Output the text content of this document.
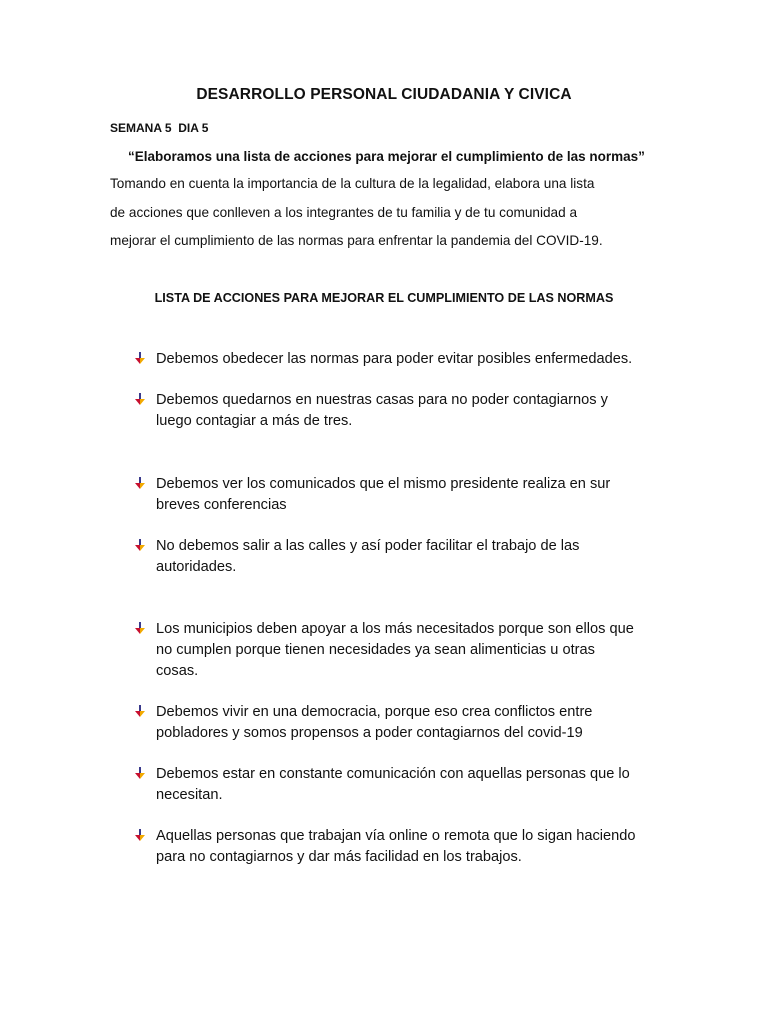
DESARROLLO PERSONAL CIUDADANIA Y CIVICA
SEMANA 5  DIA 5
“Elaboramos una lista de acciones para mejorar el cumplimiento de las normas”
Tomando en cuenta la importancia de la cultura de la legalidad, elabora una lista
de acciones que conlleven a los integrantes de tu familia y de tu comunidad a
mejorar el cumplimiento de las normas para enfrentar la pandemia del COVID-19.
LISTA DE ACCIONES PARA MEJORAR EL CUMPLIMIENTO DE LAS NORMAS
Debemos obedecer las normas para poder evitar posibles enfermedades.
Debemos quedarnos en nuestras casas para no poder contagiarnos y
luego contagiar a más de tres.
Debemos ver los comunicados que el mismo presidente realiza en sur
breves conferencias
No debemos salir a las calles y así poder facilitar el trabajo de las
autoridades.
Los municipios deben apoyar a los más necesitados porque son ellos que
no cumplen porque tienen necesidades ya sean alimenticias u otras
cosas.
Debemos vivir en una democracia, porque eso crea conflictos entre
pobladores y somos propensos a poder contagiarnos del covid-19
Debemos estar en constante comunicación con aquellas personas que lo
necesitan.
Aquellas personas que trabajan vía online o remota que lo sigan haciendo
para no contagiarnos y dar más facilidad en los trabajos.
